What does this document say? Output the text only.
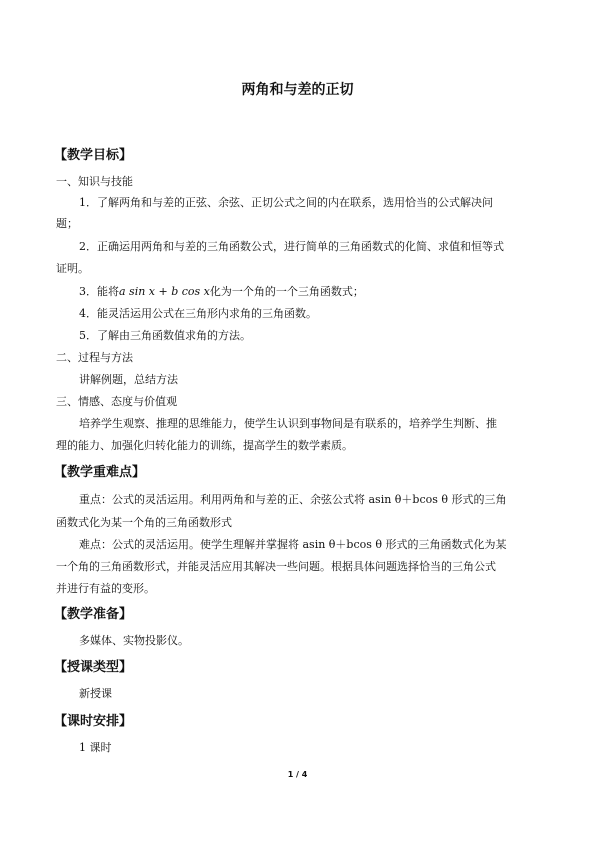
两角和与差的正切
【教学目标】
一、知识与技能
1．了解两角和与差的正弦、余弦、正切公式之间的内在联系，选用恰当的公式解决问
题；
2．正确运用两角和与差的三角函数公式，进行简单的三角函数式的化简、求值和恒等式
证明。
3．能将a sin x + b cos x化为一个角的一个三角函数式；
4．能灵活运用公式在三角形内求角的三角函数。
5．了解由三角函数值求角的方法。
二、过程与方法
讲解例题，总结方法
三、情感、态度与价值观
培养学生观察、推理的思维能力，使学生认识到事物间是有联系的，培养学生判断、推
理的能力、加强化归转化能力的训练，提高学生的数学素质。
【教学重难点】
重点：公式的灵活运用。利用两角和与差的正、余弦公式将 asin θ＋bcos θ 形式的三角
函数式化为某一个角的三角函数形式
难点：公式的灵活运用。使学生理解并掌握将 asin θ＋bcos θ 形式的三角函数式化为某
一个角的三角函数形式，并能灵活应用其解决一些问题。根据具体问题选择恰当的三角公式
并进行有益的变形。
【教学准备】
多媒体、实物投影仪。
【授课类型】
新授课
【课时安排】
1 课时
1 / 4
